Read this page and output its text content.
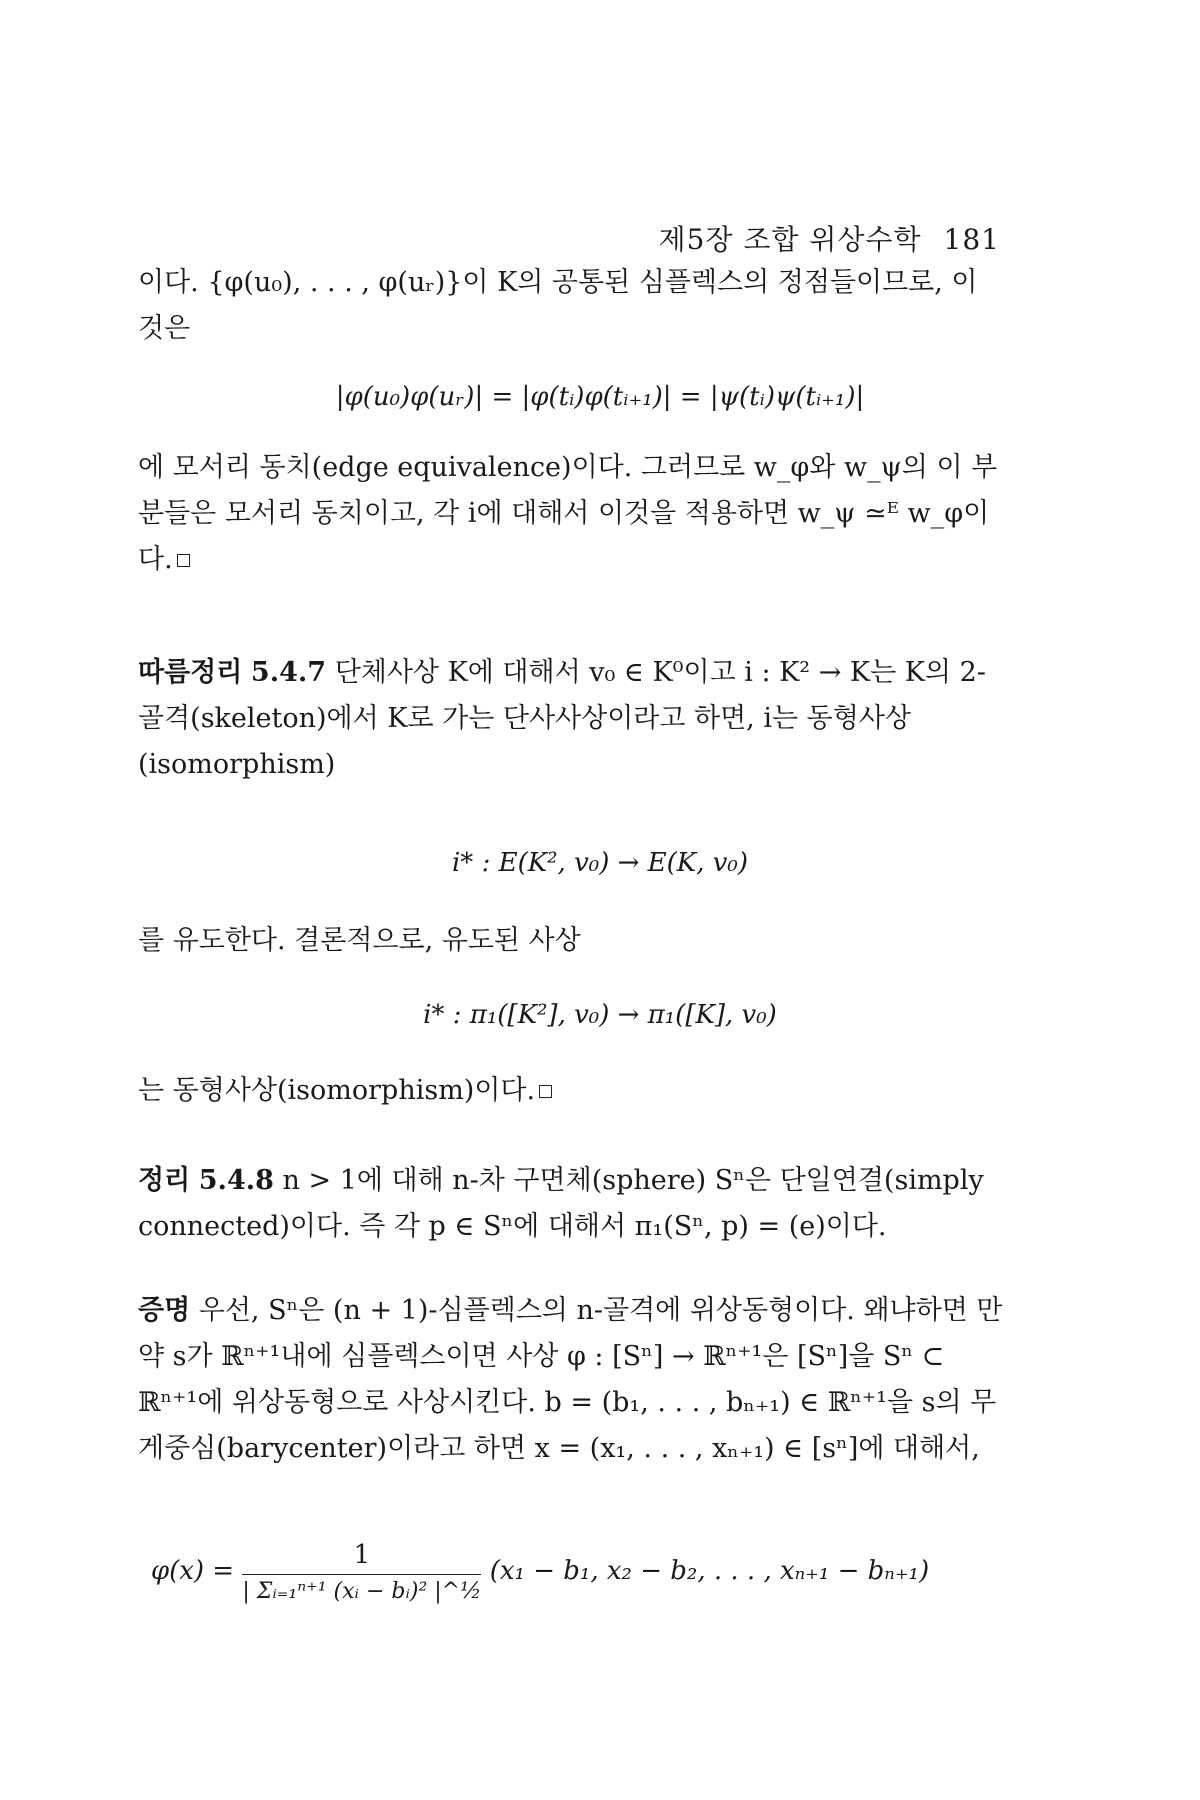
제5장 조합 위상수학 181

이다. {φ(u₀), . . . , φ(uᵣ)}이 K의 공통된 심플렉스의 정점들이므로, 이 것은

|φ(u₀)φ(uᵣ)| = |φ(tᵢ)φ(tᵢ₊₁)| = |ψ(tᵢ)ψ(tᵢ₊₁)|

에 모서리 동치(edge equivalence)이다. 그러므로 w_φ와 w_ψ의 이 부분들은 모서리 동치이고, 각 i에 대해서 이것을 적용하면 w_ψ ≃ᴱ w_φ이다.

따름정리 5.4.7 단체사상 K에 대해서 v₀ ∈ K⁰이고 i : K² → K는 K의 2-골격(skeleton)에서 K로 가는 단사사상이라고 하면, i는 동형사상 (isomorphism)

i* : E(K², v₀) → E(K, v₀)

를 유도한다. 결론적으로, 유도된 사상

i* : π₁([K²], v₀) → π₁([K], v₀)

는 동형사상(isomorphism)이다.

정리 5.4.8 n > 1에 대해 n-차 구면체(sphere) Sⁿ은 단일연결(simply connected)이다. 즉 각 p ∈ Sⁿ에 대해서 π₁(Sⁿ, p) = (e)이다.

증명 우선, Sⁿ은 (n + 1)-심플렉스의 n-골격에 위상동형이다. 왜냐하면 만약 s가 ℝⁿ⁺¹내에 심플렉스이면 사상 φ : [Sⁿ] → ℝⁿ⁺¹은 [Sⁿ]을 Sⁿ ⊂ ℝⁿ⁺¹에 위상동형으로 사상시킨다. b = (b₁, . . . , bₙ₊₁) ∈ ℝⁿ⁺¹을 s의 무게중심(barycenter)이라고 하면 x = (x₁, . . . , xₙ₊₁) ∈ [sⁿ]에 대해서,

$\varphi(x) = \frac{1}{\text{| Σᵢ₌₁ⁿ⁺¹ (xᵢ − bᵢ)² |\textasciicircum{}½}} (x_1 - b_1$, x₂ − b₂, . . . , xₙ₊₁ − bₙ₊₁)
